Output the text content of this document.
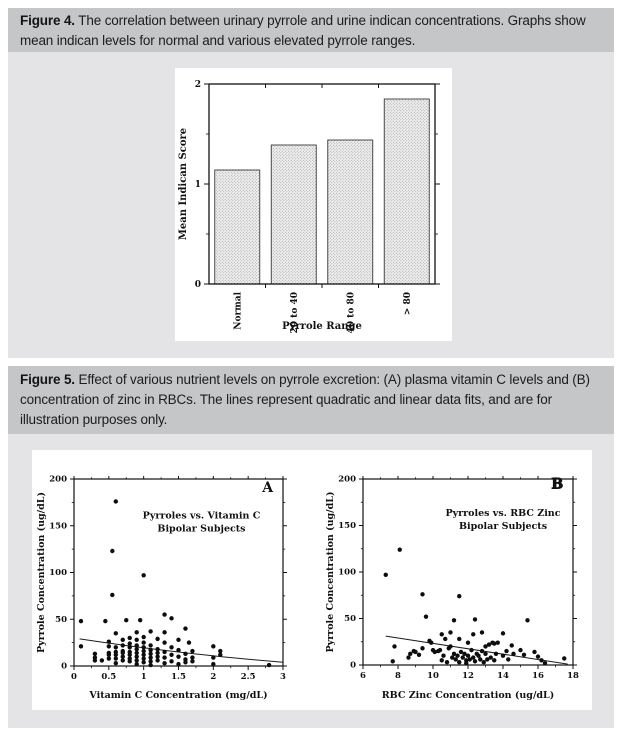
Figure 4. The correlation between urinary pyrrole and urine indican concentrations. Graphs show mean indican levels for normal and various elevated pyrrole ranges.
0
1
2
Normal	20 to 40	40 to 80	> 80
Pyrrole Range
Mean Indican Score
Figure 5. Effect of various nutrient levels on pyrrole excretion: (A) plasma vitamin C levels and (B) concentration of zinc in RBCs. The lines represent quadratic and linear data fits, and are for illustration purposes only.
0	0.5	1	1.5	2	2.5	3
0
50
100
150
200
Pyrroles vs. Vitamin C
Bipolar Subjects
A
Vitamin C Concentration (mg/dL)
Pyrrole Concentration (ug/dL)
6	8	10	12	14	16	18
0
50
100
150
200
Pyrroles vs. RBC Zinc
Bipolar Subjects
B
RBC Zinc Concentration (ug/dL)
Pyrrole Concentration (ug/dL)
